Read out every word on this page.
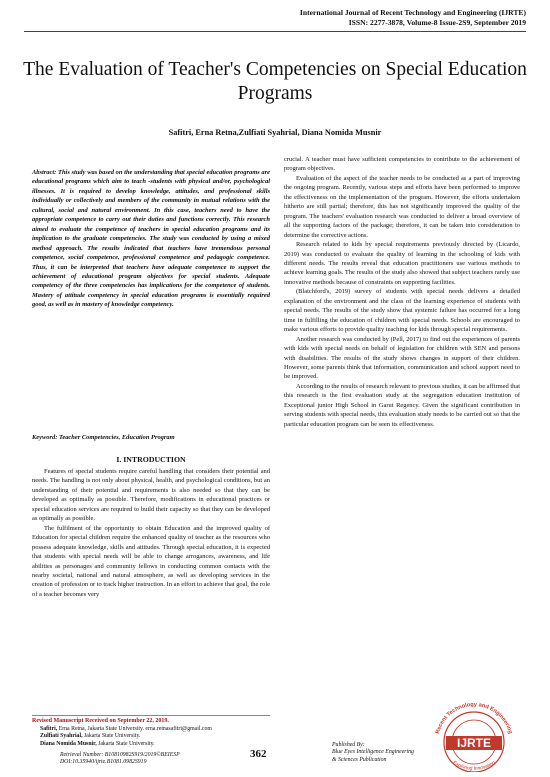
International Journal of Recent Technology and Engineering (IJRTE)
ISSN: 2277-3878, Volume-8 Issue-2S9, September 2019
The Evaluation of Teacher's Competencies on Special Education Programs
Safitri, Erna Retna,Zulfiati Syahrial, Diana Nomida Musnir
Abstract: This study was based on the understanding that special education programs are educational programs which aim to teach -students with physical and/or, psychological illnesses. It is required to develop knowledge, attitudes, and professional skills individually or collectively and members of the community in mutual relations with the cultural, social and natural environment. In this case, teachers need to have the appropriate competence to carry out their duties and functions correctly. This research aimed to evaluate the competence of teachers in special education programs and its implication to the graduate competencies. The study was conducted by using a mixed method approach. The results indicated that teachers have tremendous personal competence, social competence, professional competence and pedagogic competence. Thus, it can be interpreted that teachers have adequate competence to support the achievement of educational program objectives for special students. Adequate competency of the three competencies has implications for the competence of students. Mastery of attitude competency in special education programs is essentially required good, as well as in mastery of knowledge competency.
Keyword: Teacher Competencies, Education Program
I. INTRODUCTION

Features of special students require careful handling that considers their potential and needs. The handling is not only about physical, health, and psychological conditions, but an understanding of their potential and requirements is also needed so that they can be developed as optimally as possible. Therefore, modifications in educational practices or special education services are required to build their capacity so that they can be developed as optimally as possible.

The fulfilment of the opportunity to obtain Education and the improved quality of Education for special children require the enhanced quality of teacher as the resources who possess adequate knowledge, skills and attitudes. Through special education, it is expected that students with special needs will be able to change arrogances, awareness, and life abilities as personages and community fellows in conducting common contacts with the nearby societal, national and natural atmosphere, as well as developing services in the creation of profession or to track higher instruction. In an effort to achieve that goal, the role of a teacher becomes very

crucial. A teacher must have sufficient competencies to contribute to the achievement of program objectives.

Evaluation of the aspect of the teacher needs to be conducted as a part of improving the ongoing program. Recently, various steps and efforts have been performed to improve the effectiveness on the implementation of the program. However, the efforts undertaken hitherto are still partial; therefore, this has not significantly improved the quality of the program. The teachers' evaluation research was conducted to deliver a broad overview of all the supporting factors of the package; therefore, it can be taken into consideration to determine the corrective actions.

Research related to kids by special requirements previously directed by (Licardo, 2019) was conducted to evaluate the quality of learning in the schooling of kids with different needs. The results reveal that education practitioners use various methods to achieve learning goals. The results of the study also showed that subject teachers rarely use innovative methods because of constraints on supporting facilities.

(Blatchford's, 2019) survey of students with special needs delivers a detailed explanation of the environment and the class of the learning experience of students with special needs. The results of the study show that systemic failure has occurred for a long time in fulfilling the education of children with special needs. Schools are encouraged to make various efforts to provide quality teaching for kids through special requirements.

Another research was conducted by (Pell, 2017) to find out the experiences of parents with kids with special needs on behalf of legislation for children with SEN and persons with disabilities. The results of the study shows changes in support of their children. However, some parents think that information, communication and school support need to be improved.

According to the results of research relevant to previous studies, it can be affirmed that this research is the first evaluation study at the segregation education institution of Exceptional junior High School in Garut Regency. Given the significant contribution in serving students with special needs, this evaluation study needs to be carried out so that the particular education program can be seen its effectiveness.

Revised Manuscript Received on September 22, 2019.
Safitri, Erna Retna, Jakarta State University. erna.retnasafitri@gmail.com
Zulfiati Syahrial, Jakarta State University.
Diana Nomida Musnir, Jakarta State University.
Retrieval Number: B10810982S919/2019©BEIESP
DOI:10.35940/ijrte.B1081.0982S919
362
Published By:
Blue Eyes Intelligence Engineering
& Sciences Publication
Recent Technology and Engineering
Exploring Innovation
IJRTE
